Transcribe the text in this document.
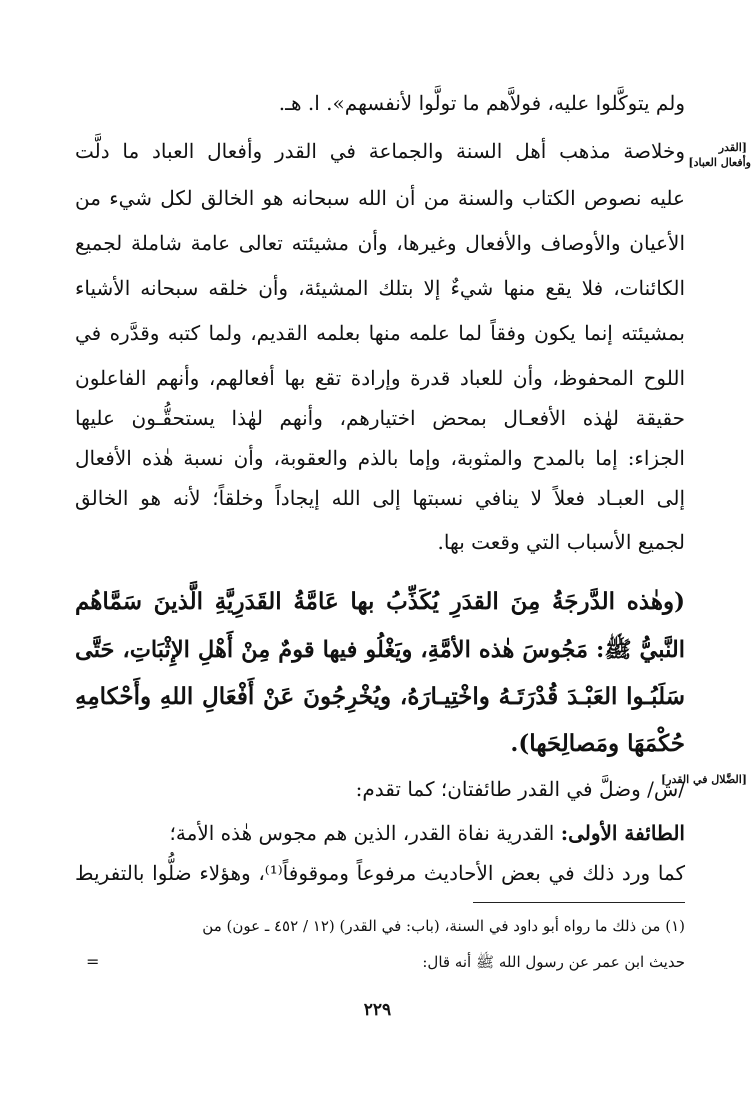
[القدر
وأفعال العباد]
[الضَّلال في القدر]
ولم يتوكَّلوا عليه، فولاَّهم ما تولَّوا لأنفسهم». ا. هـ.
وخلاصة مذهب أهل السنة والجماعة في القدر وأفعال العباد ما دلَّت
عليه نصوص الكتاب والسنة من أن الله سبحانه هو الخالق لكل شيء من
الأعيان والأوصاف والأفعال وغيرها، وأن مشيئته تعالى عامة شاملة لجميع
الكائنات، فلا يقع منها شيءٌ إلا بتلك المشيئة، وأن خلقه سبحانه الأشياء
بمشيئته إنما يكون وفقاً لما علمه منها بعلمه القديم، ولما كتبه وقدَّره في
اللوح المحفوظ، وأن للعباد قدرة وإرادة تقع بها أفعالهم، وأنهم الفاعلون
حقيقة لهٰذه الأفعـال بمحض اختيارهم، وأنهم لهٰذا يستحقُّـون عليها
الجزاء: إما بالمدح والمثوبة، وإما بالذم والعقوبة، وأن نسبة هٰذه الأفعال
إلى العبـاد فعلاً لا ينافي نسبتها إلى الله إيجاداً وخلقاً؛ لأنه هو الخالق
لجميع الأسباب التي وقعت بها.
(وهٰذه الدَّرجَةُ مِنَ القدَرِ يُكَذِّبُ بها عَامَّةُ القَدَرِيَّةِ الَّذينَ سَمَّاهُم
النَّبيُّ ﷺ: مَجُوسَ هٰذه الأمَّةِ، ويَغْلُو فيها قومٌ مِنْ أَهْلِ الإِثْبَاتِ، حَتَّى
سَلَبُـوا العَبْـدَ قُدْرَتَـهُ واخْتِيـارَهُ، ويُخْرِجُونَ عَنْ أَفْعَالِ اللهِ وأَحْكامِهِ
حُكْمَهَا ومَصالِحَها).
/ش/ وضلَّ في القدر طائفتان؛ كما تقدم:
الطائفة الأولى: القدرية نفاة القدر، الذين هم مجوس هٰذه الأمة؛
كما ورد ذلك في بعض الأحاديث مرفوعاً وموقوفاً⁽¹⁾، وهؤلاء ضلُّوا بالتفريط
(١) من ذلك ما رواه أبو داود في السنة، (باب: في القدر) (١٢ / ٤٥٢ ـ عون) من
حديث ابن عمر عن رسول الله ﷺ أنه قال:
=
٢٢٩
